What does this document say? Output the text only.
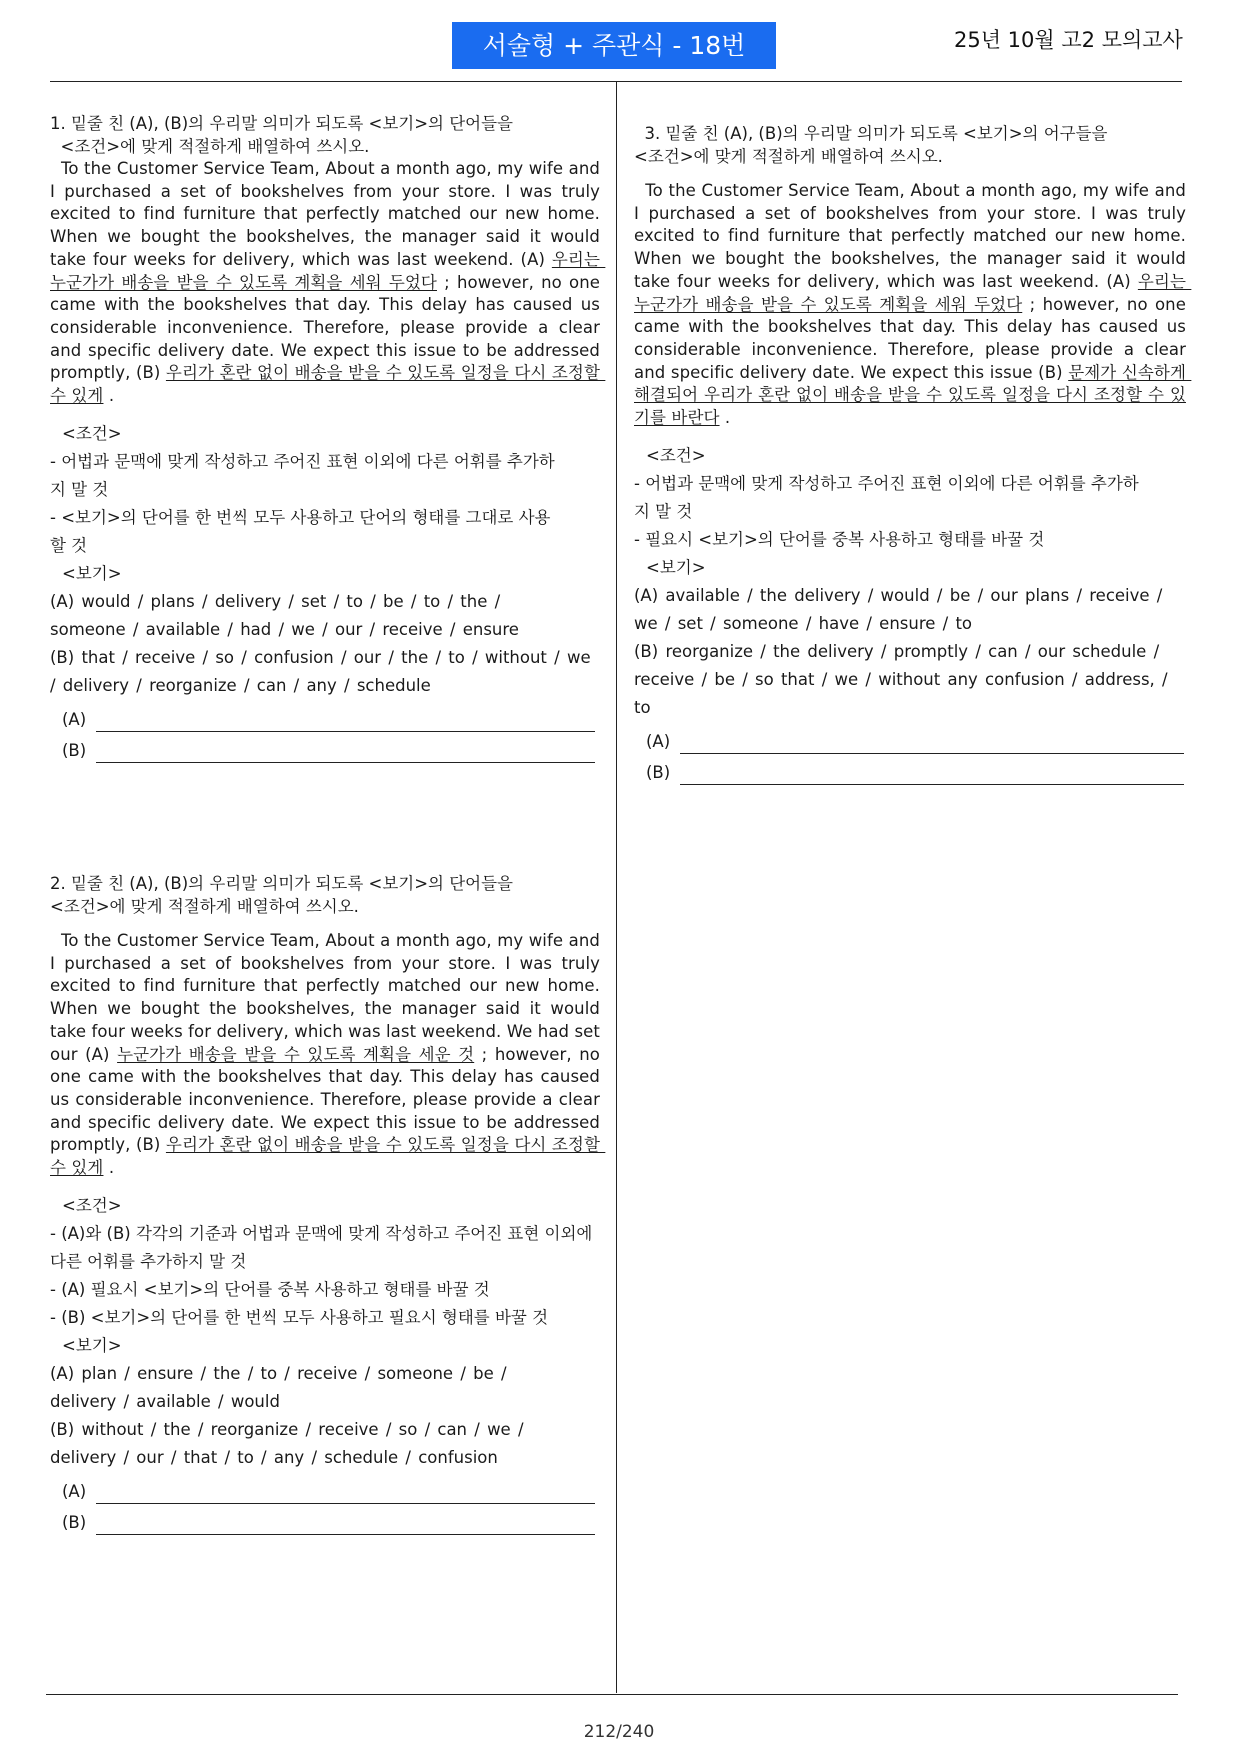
서술형 + 주관식 - 18번	25년 10월 고2 모의고사
1. 밑줄 친 (A), (B)의 우리말 의미가 되도록 <보기>의 단어들을
<조건>에 맞게 적절하게 배열하여 쓰시오.
To the Customer Service Team, About a month ago, my wife and I purchased a set of bookshelves from your store. I was truly excited to find furniture that perfectly matched our new home. When we bought the bookshelves, the manager said it would take four weeks for delivery, which was last weekend. (A) 우리는 누군가가 배송을 받을 수 있도록 계획을 세워 두었다 ; however, no one came with the bookshelves that day. This delay has caused us considerable inconvenience. Therefore, please provide a clear and specific delivery date. We expect this issue to be addressed promptly, (B) 우리가 혼란 없이 배송을 받을 수 있도록 일정을 다시 조정할 수 있게 .
<조건>
- 어법과 문맥에 맞게 작성하고 주어진 표현 이외에 다른 어휘를 추가하지 말 것
- <보기>의 단어를 한 번씩 모두 사용하고 단어의 형태를 그대로 사용할 것
<보기>
(A) would / plans / delivery / set / to / be / to / the / someone / available / had / we / our / receive / ensure
(B) that / receive / so / confusion / our / the / to / without / we / delivery / reorganize / can / any / schedule
(A)
(B)
2. 밑줄 친 (A), (B)의 우리말 의미가 되도록 <보기>의 단어들을
<조건>에 맞게 적절하게 배열하여 쓰시오.
To the Customer Service Team, About a month ago, my wife and I purchased a set of bookshelves from your store. I was truly excited to find furniture that perfectly matched our new home. When we bought the bookshelves, the manager said it would take four weeks for delivery, which was last weekend. We had set our (A) 누군가가 배송을 받을 수 있도록 계획을 세운 것 ; however, no one came with the bookshelves that day. This delay has caused us considerable inconvenience. Therefore, please provide a clear and specific delivery date. We expect this issue to be addressed promptly, (B) 우리가 혼란 없이 배송을 받을 수 있도록 일정을 다시 조정할 수 있게 .
<조건>
- (A)와 (B) 각각의 기준과 어법과 문맥에 맞게 작성하고 주어진 표현 이외에 다른 어휘를 추가하지 말 것
- (A) 필요시 <보기>의 단어를 중복 사용하고 형태를 바꿀 것
- (B) <보기>의 단어를 한 번씩 모두 사용하고 필요시 형태를 바꿀 것
<보기>
(A) plan / ensure / the / to / receive / someone / be / delivery / available / would
(B) without / the / reorganize / receive / so / can / we / delivery / our / that / to / any / schedule / confusion
(A)
(B)
3. 밑줄 친 (A), (B)의 우리말 의미가 되도록 <보기>의 어구들을
<조건>에 맞게 적절하게 배열하여 쓰시오.
To the Customer Service Team, About a month ago, my wife and I purchased a set of bookshelves from your store. I was truly excited to find furniture that perfectly matched our new home. When we bought the bookshelves, the manager said it would take four weeks for delivery, which was last weekend. (A) 우리는 누군가가 배송을 받을 수 있도록 계획을 세워 두었다 ; however, no one came with the bookshelves that day. This delay has caused us considerable inconvenience. Therefore, please provide a clear and specific delivery date. We expect this issue (B) 문제가 신속하게 해결되어 우리가 혼란 없이 배송을 받을 수 있도록 일정을 다시 조정할 수 있기를 바란다 .
<조건>
- 어법과 문맥에 맞게 작성하고 주어진 표현 이외에 다른 어휘를 추가하지 말 것
- 필요시 <보기>의 단어를 중복 사용하고 형태를 바꿀 것
<보기>
(A) available / the delivery / would / be / our plans / receive / we / set / someone / have / ensure / to
(B) reorganize / the delivery / promptly / can / our schedule / receive / be / so that / we / without any confusion / address, / to
(A)
(B)
212/240
